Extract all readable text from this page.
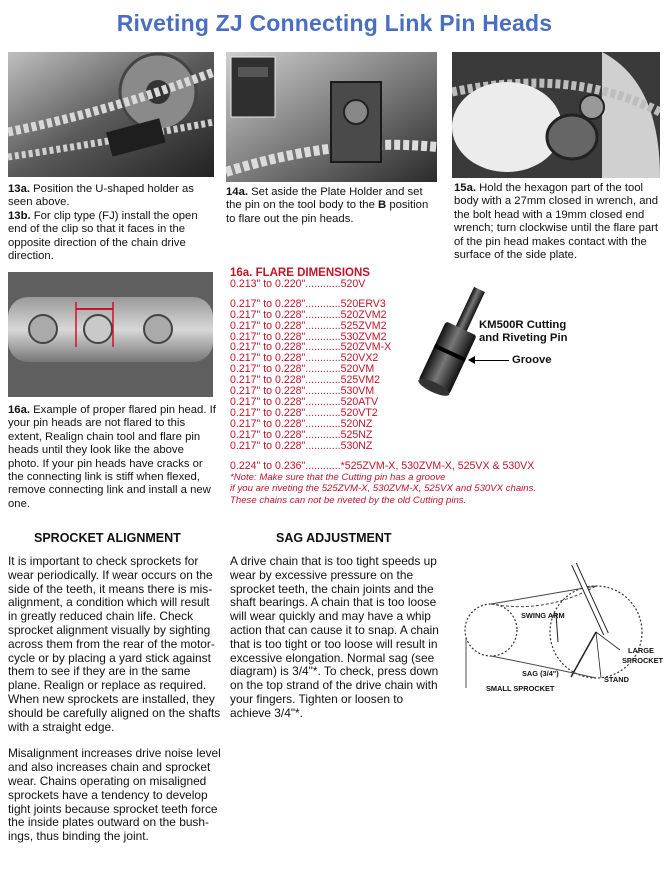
Riveting ZJ Connecting Link Pin Heads
13a. Position the U-shaped holder as seen above.
13b. For clip type (FJ) install the open end of the clip so that it faces in the opposite direction of the chain drive direction.
14a. Set aside the Plate Holder and set the pin on the tool body to the B position to flare out the pin heads.
15a. Hold the hexagon part of the tool body with a 27mm closed in wrench, and the bolt head with a 19mm closed end wrench; turn clockwise until the flare part of the pin head makes contact with the surface of the side plate.
16a. Example of proper flared pin head. If your pin heads are not flared to this extent, Realign chain tool and flare pin heads until they look like the above photo. If your pin heads have cracks or the connecting link is stiff when flexed, remove connecting link and install a new one.
16a. FLARE DIMENSIONS
0.213" to 0.220"............520V
0.217" to 0.228"............520ERV3
0.217" to 0.228"............520ZVM2
0.217" to 0.228"............525ZVM2
0.217" to 0.228"............530ZVM2
0.217" to 0.228"............520ZVM-X
0.217" to 0.228"............520VX2
0.217" to 0.228"............520VM
0.217" to 0.228"............525VM2
0.217" to 0.228"............530VM
0.217" to 0.228"............520ATV
0.217" to 0.228"............520VT2
0.217" to 0.228"............520NZ
0.217" to 0.228"............525NZ
0.217" to 0.228"............530NZ
0.224" to 0.236"............*525ZVM-X, 530ZVM-X, 525VX & 530VX
*Note: Make sure that the Cutting pin has a groove
if you are riveting the 525ZVM-X, 530ZVM-X, 525VX and 530VX chains.
These chains can not be riveted by the old Cutting pins.
KM500R Cutting
and Riveting Pin
Groove
SPROCKET ALIGNMENT
It is important to check sprockets for wear periodically. If wear occurs on the side of the teeth, it means there is mis-alignment, a condition which will result in greatly reduced chain life. Check sprocket alignment visually by sighting across them from the rear of the motor-cycle or by placing a yard stick against them to see if they are in the same plane. Realign or replace as required. When new sprockets are installed, they should be carefully aligned on the shafts with a straight edge.
Misalignment increases drive noise level and also increases chain and sprocket wear. Chains operating on misaligned sprockets have a tendency to develop tight joints because sprocket teeth force the inside plates outward on the bush-ings, thus binding the joint.
SAG ADJUSTMENT
A drive chain that is too tight speeds up wear by excessive pressure on the sprocket teeth, the chain joints and the shaft bearings. A chain that is too loose will wear quickly and may have a whip action that can cause it to snap. A chain that is too tight or too loose will result in excessive elongation. Normal sag (see diagram) is 3/4"*. To check, press down on the top strand of the drive chain with your fingers. Tighten or loosen to achieve 3/4"*.
SWING ARM
LARGE
SPROCKET
SAG (3/4")
STAND
SMALL SPROCKET
